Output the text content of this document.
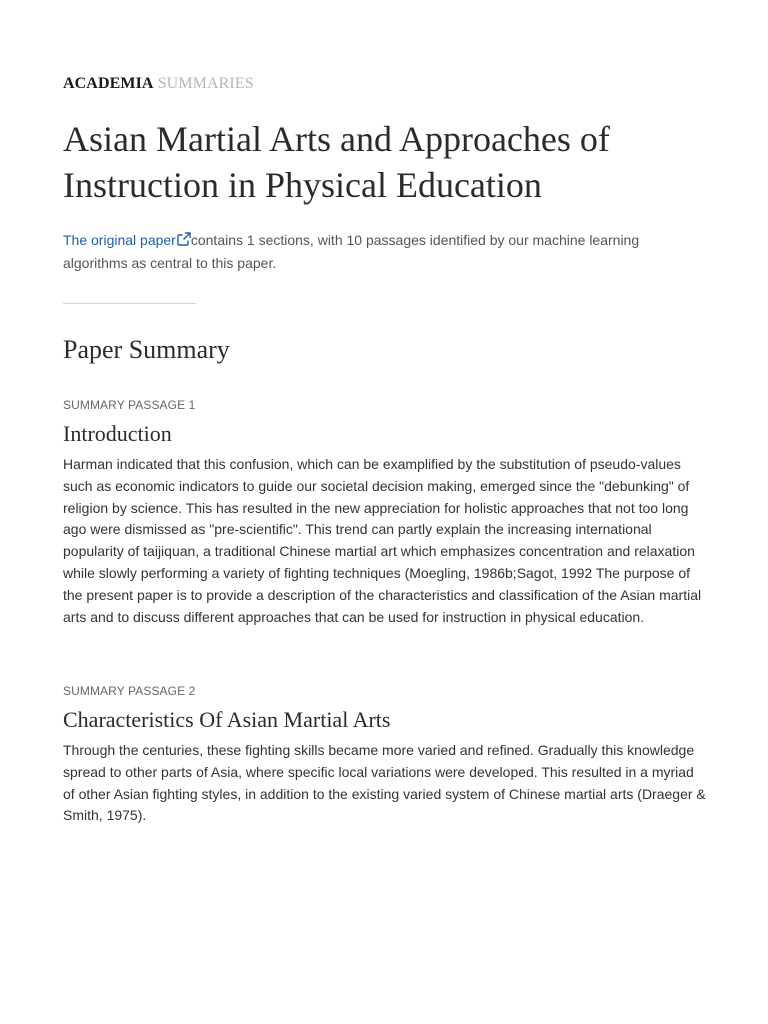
ACADEMIA SUMMARIES
Asian Martial Arts and Approaches of Instruction in Physical Education
The original paper contains 1 sections, with 10 passages identified by our machine learning algorithms as central to this paper.
Paper Summary
SUMMARY PASSAGE 1
Introduction

Harman indicated that this confusion, which can be examplified by the substitution of pseudo-values such as economic indicators to guide our societal decision making, emerged since the "debunking" of religion by science. This has resulted in the new appreciation for holistic approaches that not too long ago were dismissed as "pre-scientific". This trend can partly explain the increasing international popularity of taijiquan, a traditional Chinese martial art which emphasizes concentration and relaxation while slowly performing a variety of fighting techniques (Moegling, 1986b;Sagot, 1992 The purpose of the present paper is to provide a description of the characteristics and classification of the Asian martial arts and to discuss different approaches that can be used for instruction in physical education.

SUMMARY PASSAGE 2
Characteristics Of Asian Martial Arts

Through the centuries, these fighting skills became more varied and refined. Gradually this knowledge spread to other parts of Asia, where specific local variations were developed. This resulted in a myriad of other Asian fighting styles, in addition to the existing varied system of Chinese martial arts (Draeger & Smith, 1975).
